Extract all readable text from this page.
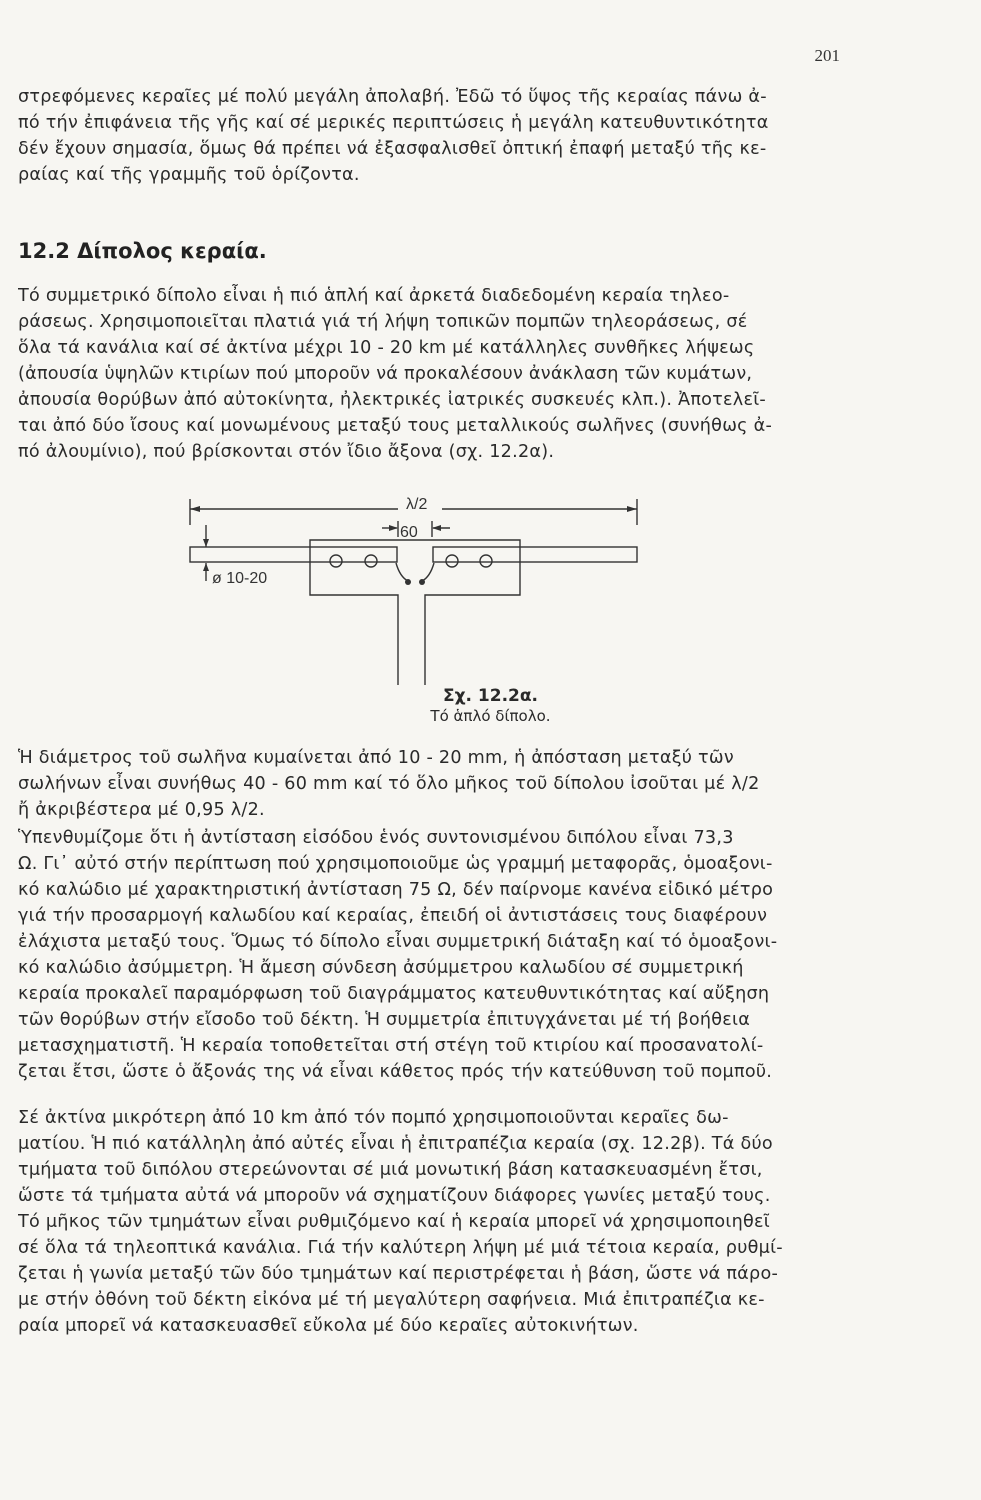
201
στρεφόμενες κεραῖες μέ πολύ μεγάλη ἀπολαβή. Ἐδῶ τό ὕψος τῆς κεραίας πάνω ἀ-
πό τήν ἐπιφάνεια τῆς γῆς καί σέ μερικές περιπτώσεις ἡ μεγάλη κατευθυντικότητα
δέν ἔχουν σημασία, ὅμως θά πρέπει νά ἐξασφαλισθεῖ ὀπτική ἐπαφή μεταξύ τῆς κε-
ραίας καί τῆς γραμμῆς τοῦ ὁρίζοντα.
12.2 Δίπολος κεραία.
Τό συμμετρικό δίπολο εἶναι ἡ πιό ἁπλή καί ἀρκετά διαδεδομένη κεραία τηλεο-
ράσεως. Χρησιμοποιεῖται πλατιά γιά τή λήψη τοπικῶν πομπῶν τηλεοράσεως, σέ
ὅλα τά κανάλια καί σέ ἀκτίνα μέχρι 10 - 20 km μέ κατάλληλες συνθῆκες λήψεως
(ἀπουσία ὑψηλῶν κτιρίων πού μποροῦν νά προκαλέσουν ἀνάκλαση τῶν κυμάτων,
ἀπουσία θορύβων ἀπό αὐτοκίνητα, ἠλεκτρικές ἰατρικές συσκευές κλπ.). Ἀποτελεῖ-
ται ἀπό δύο ἴσους καί μονωμένους μεταξύ τους μεταλλικούς σωλῆνες (συνήθως ἀ-
πό ἀλουμίνιο), πού βρίσκονται στόν ἴδιο ἄξονα (σχ. 12.2α).
λ/2
60
ø 10-20
Σχ. 12.2α.
Τό ἁπλό δίπολο.
Ἡ διάμετρος τοῦ σωλῆνα κυμαίνεται ἀπό 10 - 20 mm, ἡ ἀπόσταση μεταξύ τῶν
σωλήνων εἶναι συνήθως 40 - 60 mm καί τό ὅλο μῆκος τοῦ δίπολου ἰσοῦται μέ λ/2
ἤ ἀκριβέστερα μέ 0,95 λ/2.
Ὑπενθυμίζομε ὅτι ἡ ἀντίσταση εἰσόδου ἑνός συντονισμένου διπόλου εἶναι 73,3
Ω. Γι᾽ αὐτό στήν περίπτωση πού χρησιμοποιοῦμε ὡς γραμμή μεταφορᾶς, ὁμοαξονι-
κό καλώδιο μέ χαρακτηριστική ἀντίσταση 75 Ω, δέν παίρνομε κανένα εἰδικό μέτρο
γιά τήν προσαρμογή καλωδίου καί κεραίας, ἐπειδή οἱ ἀντιστάσεις τους διαφέρουν
ἐλάχιστα μεταξύ τους. Ὅμως τό δίπολο εἶναι συμμετρική διάταξη καί τό ὁμοαξονι-
κό καλώδιο ἀσύμμετρη. Ἡ ἄμεση σύνδεση ἀσύμμετρου καλωδίου σέ συμμετρική
κεραία προκαλεῖ παραμόρφωση τοῦ διαγράμματος κατευθυντικότητας καί αὔξηση
τῶν θορύβων στήν εἴσοδο τοῦ δέκτη. Ἡ συμμετρία ἐπιτυγχάνεται μέ τή βοήθεια
μετασχηματιστῆ. Ἡ κεραία τοποθετεῖται στή στέγη τοῦ κτιρίου καί προσανατολί-
ζεται ἔτσι, ὥστε ὁ ἄξονάς της νά εἶναι κάθετος πρός τήν κατεύθυνση τοῦ πομποῦ.
Σέ ἀκτίνα μικρότερη ἀπό 10 km ἀπό τόν πομπό χρησιμοποιοῦνται κεραῖες δω-
ματίου. Ἡ πιό κατάλληλη ἀπό αὐτές εἶναι ἡ ἐπιτραπέζια κεραία (σχ. 12.2β). Τά δύο
τμήματα τοῦ διπόλου στερεώνονται σέ μιά μονωτική βάση κατασκευασμένη ἔτσι,
ὥστε τά τμήματα αὐτά νά μποροῦν νά σχηματίζουν διάφορες γωνίες μεταξύ τους.
Τό μῆκος τῶν τμημάτων εἶναι ρυθμιζόμενο καί ἡ κεραία μπορεῖ νά χρησιμοποιηθεῖ
σέ ὅλα τά τηλεοπτικά κανάλια. Γιά τήν καλύτερη λήψη μέ μιά τέτοια κεραία, ρυθμί-
ζεται ἡ γωνία μεταξύ τῶν δύο τμημάτων καί περιστρέφεται ἡ βάση, ὥστε νά πάρο-
με στήν ὀθόνη τοῦ δέκτη εἰκόνα μέ τή μεγαλύτερη σαφήνεια. Μιά ἐπιτραπέζια κε-
ραία μπορεῖ νά κατασκευασθεῖ εὔκολα μέ δύο κεραῖες αὐτοκινήτων.
